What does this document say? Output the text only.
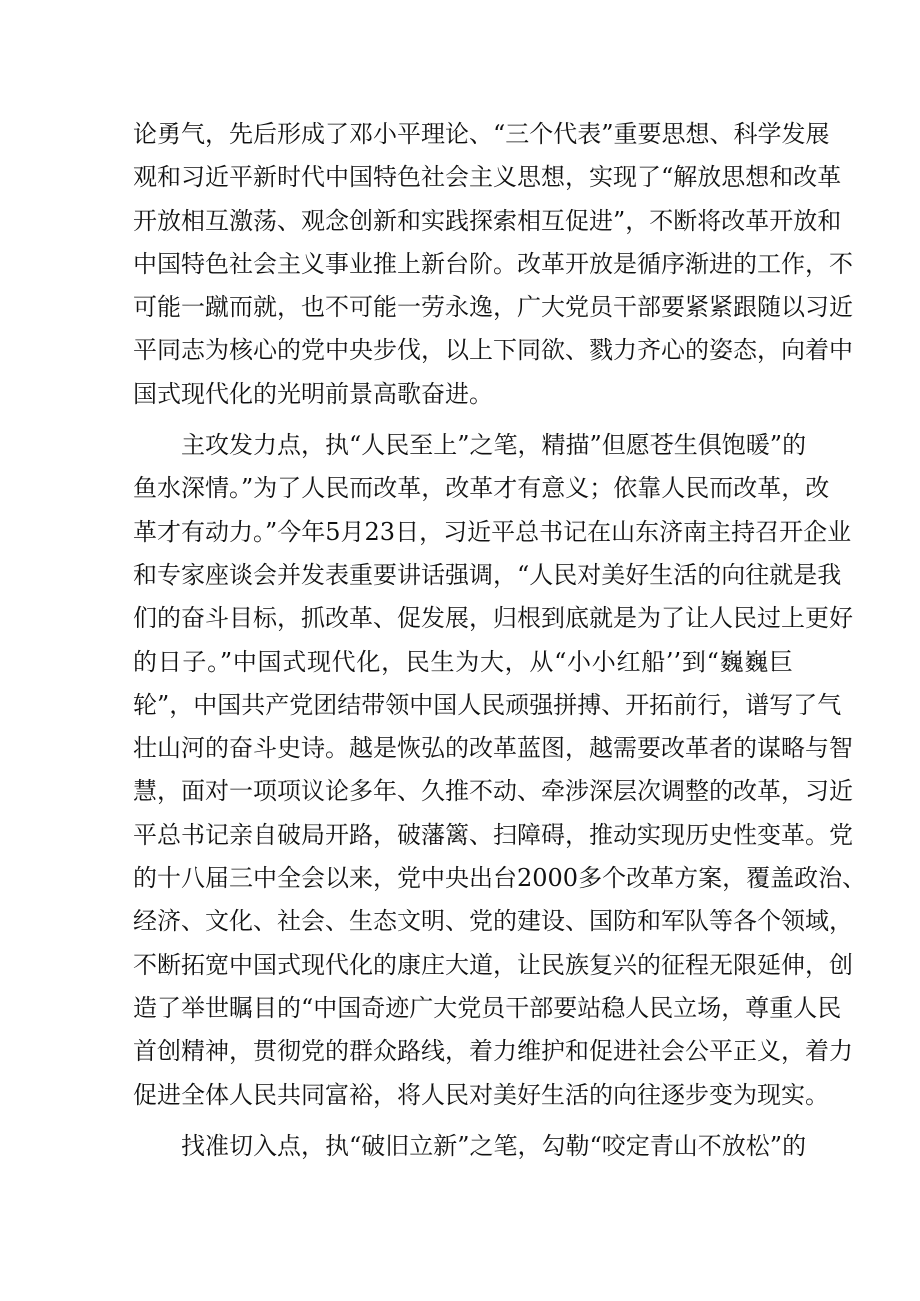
论勇气，先后形成了邓小平理论、“三个代表”重要思想、科学发展
观和习近平新时代中国特色社会主义思想，实现了“解放思想和改革
开放相互激荡、观念创新和实践探索相互促进”，不断将改革开放和
中国特色社会主义事业推上新台阶。改革开放是循序渐进的工作，不
可能一蹴而就，也不可能一劳永逸，广大党员干部要紧紧跟随以习近
平同志为核心的党中央步伐，以上下同欲、戮力齐心的姿态，向着中
国式现代化的光明前景高歌奋进。
主攻发力点，执“人民至上”之笔，精描”但愿苍生俱饱暖”的
鱼水深情。”为了人民而改革，改革才有意义；依靠人民而改革，改
革才有动力。”今年5月23日，习近平总书记在山东济南主持召开企业
和专家座谈会并发表重要讲话强调，“人民对美好生活的向往就是我
们的奋斗目标，抓改革、促发展，归根到底就是为了让人民过上更好
的日子。”中国式现代化，民生为大，从“小小红船’’到“巍巍巨
轮”，中国共产党团结带领中国人民顽强拼搏、开拓前行，谱写了气
壮山河的奋斗史诗。越是恢弘的改革蓝图，越需要改革者的谋略与智
慧，面对一项项议论多年、久推不动、牵涉深层次调整的改革，习近
平总书记亲自破局开路，破藩篱、扫障碍，推动实现历史性变革。党
的十八届三中全会以来，党中央出台2000多个改革方案，覆盖政治、
经济、文化、社会、生态文明、党的建设、国防和军队等各个领域，
不断拓宽中国式现代化的康庄大道，让民族复兴的征程无限延伸，创
造了举世瞩目的“中国奇迹广大党员干部要站稳人民立场，尊重人民
首创精神，贯彻党的群众路线，着力维护和促进社会公平正义，着力
促进全体人民共同富裕，将人民对美好生活的向往逐步变为现实。
找准切入点，执“破旧立新”之笔，勾勒“咬定青山不放松”的
